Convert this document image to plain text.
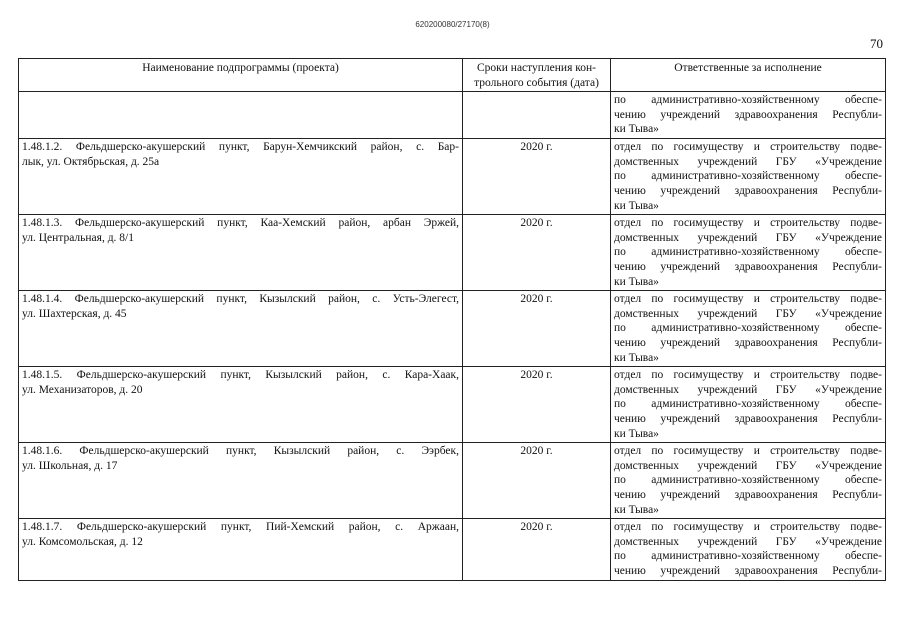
620200080/27170(8)
70
Наименование подпрограммы (проекта)	Сроки наступления кон-
трольного события (дата)	Ответственные за исполнение

		по административно-хозяйственному обеспе-
чению учреждений здравоохранения Республи-
ки Тыва»

1.48.1.2. Фельдшерско-акушерский пункт, Барун-Хемчикский район, с. Бар-
лык, ул. Октябрьская, д. 25а	2020 г.	отдел по госимуществу и строительству подве-
домственных учреждений ГБУ «Учреждение
по административно-хозяйственному обеспе-
чению учреждений здравоохранения Республи-
ки Тыва»

1.48.1.3. Фельдшерско-акушерский пункт, Каа-Хемский район, арбан Эржей,
ул. Центральная, д. 8/1	2020 г.	отдел по госимуществу и строительству подве-
домственных учреждений ГБУ «Учреждение
по административно-хозяйственному обеспе-
чению учреждений здравоохранения Республи-
ки Тыва»

1.48.1.4. Фельдшерско-акушерский пункт, Кызылский район, с. Усть-Элегест,
ул. Шахтерская, д. 45	2020 г.	отдел по госимуществу и строительству подве-
домственных учреждений ГБУ «Учреждение
по административно-хозяйственному обеспе-
чению учреждений здравоохранения Республи-
ки Тыва»

1.48.1.5. Фельдшерско-акушерский пункт, Кызылский район, с. Кара-Хаак,
ул. Механизаторов, д. 20	2020 г.	отдел по госимуществу и строительству подве-
домственных учреждений ГБУ «Учреждение
по административно-хозяйственному обеспе-
чению учреждений здравоохранения Республи-
ки Тыва»

1.48.1.6. Фельдшерско-акушерский пункт, Кызылский район, с. Ээрбек,
ул. Школьная, д. 17	2020 г.	отдел по госимуществу и строительству подве-
домственных учреждений ГБУ «Учреждение
по административно-хозяйственному обеспе-
чению учреждений здравоохранения Республи-
ки Тыва»

1.48.1.7. Фельдшерско-акушерский пункт, Пий-Хемский район, с. Аржаан,
ул. Комсомольская, д. 12	2020 г.	отдел по госимуществу и строительству подве-
домственных учреждений ГБУ «Учреждение
по административно-хозяйственному обеспе-
чению учреждений здравоохранения Республи-
